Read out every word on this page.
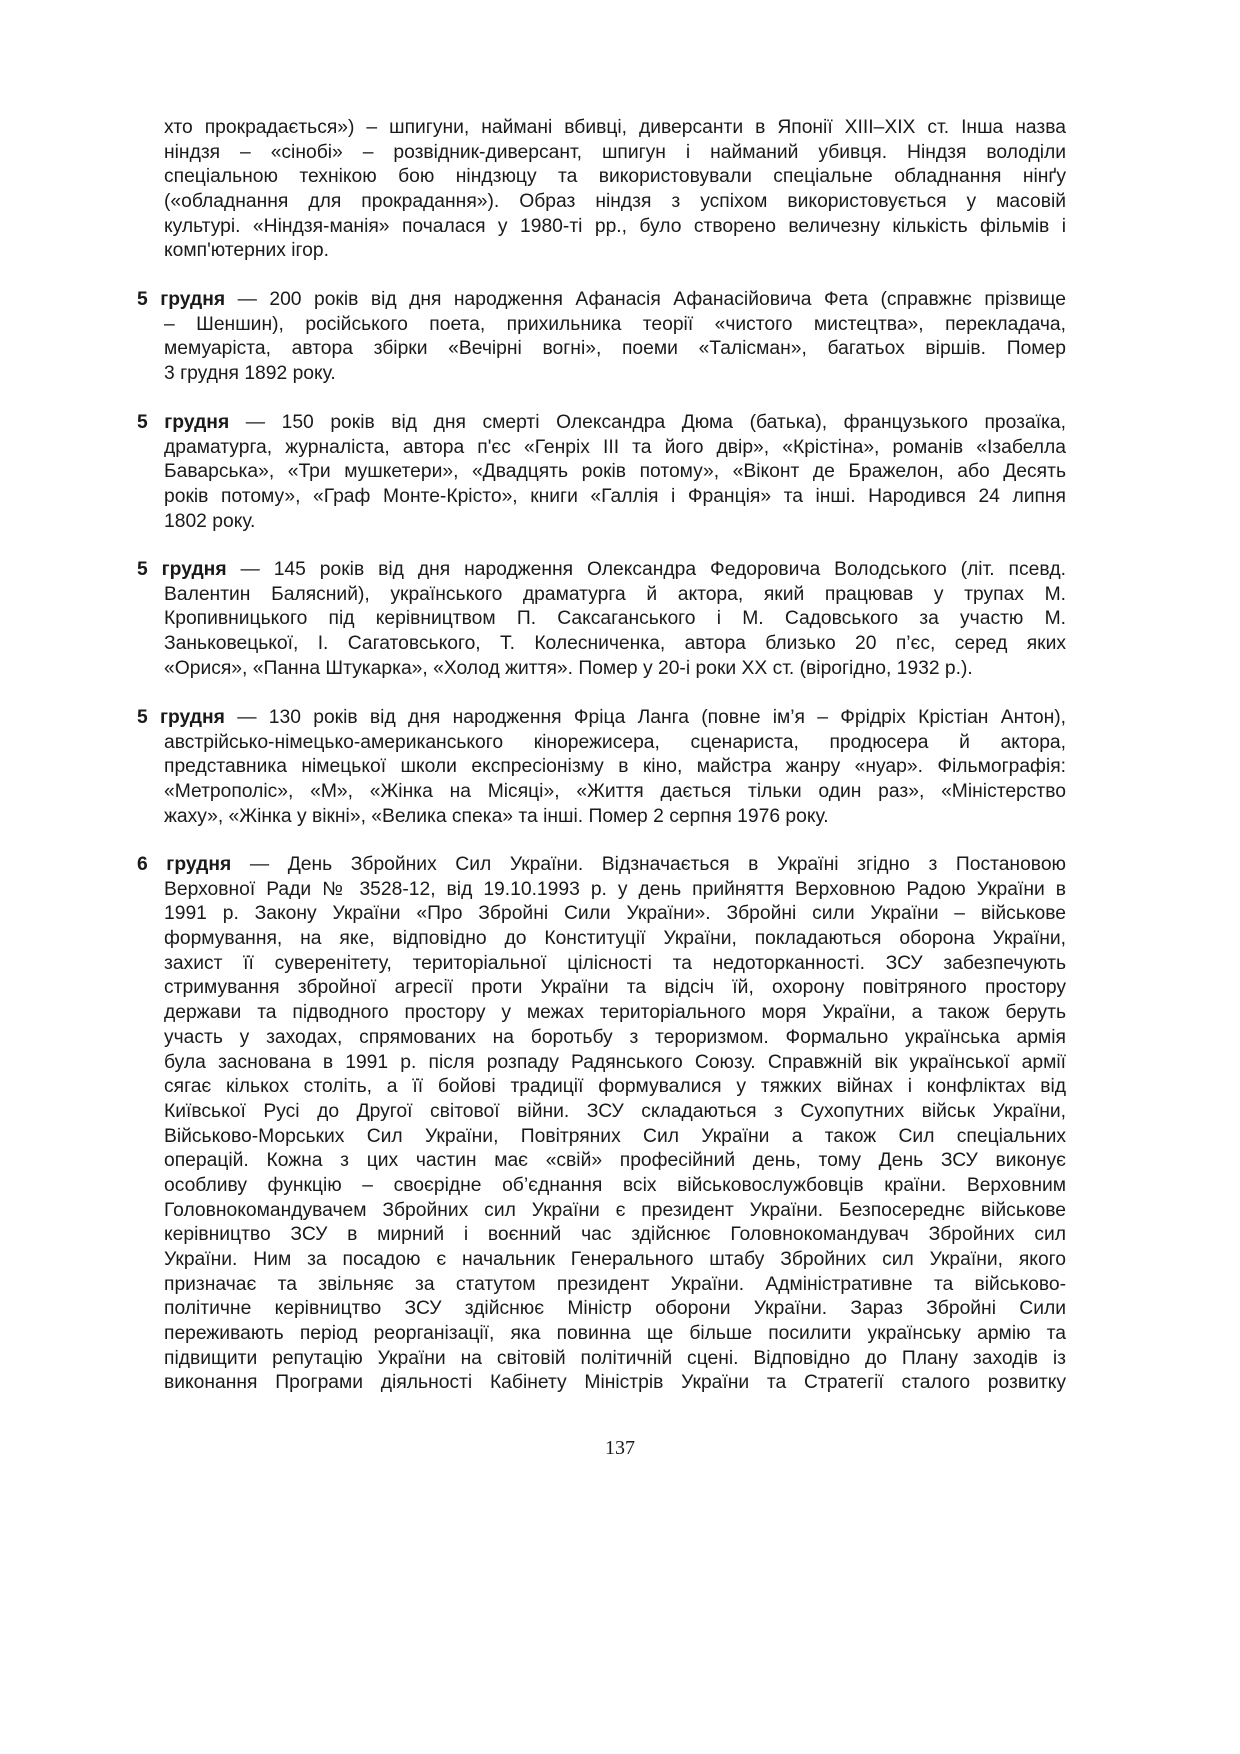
хто прокрадається») – шпигуни, наймані вбивці, диверсанти в Японії XIII–XIX ст. Інша назва
ніндзя – «сінобі» – розвідник-диверсант, шпигун і найманий убивця. Ніндзя володіли
спеціальною технікою бою ніндзюцу та використовували спеціальне обладнання нінґу
(«обладнання для прокрадання»). Образ ніндзя з успіхом використовується у масовій
культурі. «Ніндзя-манія» почалася у 1980-ті рр., було створено величезну кількість фільмів і
комп'ютерних ігор.
5 грудня — 200 років від дня народження Афанасія Афанасійовича Фета (справжнє прізвище
– Шеншин), російського поета, прихильника теорії «чистого мистецтва», перекладача,
мемуаріста, автора збірки «Вечірні вогні», поеми «Талісман», багатьох віршів. Помер
3 грудня 1892 року.
5 грудня — 150 років від дня смерті Олександра Дюма (батька), французького прозаїка,
драматурга, журналіста, автора п'єс «Генріх III та його двір», «Крістіна», романів «Ізабелла
Баварська», «Три мушкетери», «Двадцять років потому», «Віконт де Бражелон, або Десять
років потому», «Граф Монте-Крісто», книги «Галлія і Франція» та інші. Народився 24 липня
1802 року.
5 грудня — 145 років від дня народження Олександра Федоровича Володського (літ. псевд.
Валентин Балясний), українського драматурга й актора, який працював у трупах М.
Кропивницького під керівництвом П. Саксаганського і М. Садовського за участю М.
Заньковецької, І. Сагатовського, Т. Колесниченка, автора близько 20 п’єс, серед яких
«Орися», «Панна Штукарка», «Холод життя». Помер у 20-і роки ХХ ст. (вірогідно, 1932 р.).
5 грудня — 130 років від дня народження Фріца Ланга (повне ім’я – Фрідріх Крістіан Антон),
австрійсько-німецько-американського кінорежисера, сценариста, продюсера й актора,
представника німецької школи експресіонізму в кіно, майстра жанру «нуар». Фільмографія:
«Метрополіс», «М», «Жінка на Місяці», «Життя дається тільки один раз», «Міністерство
жаху», «Жінка у вікні», «Велика спека» та інші. Помер 2 серпня 1976 року.
6 грудня — День Збройних Сил України. Відзначається в Україні згідно з Постановою
Верховної Ради № 3528-12, від 19.10.1993 р. у день прийняття Верховною Радою України в
1991 р. Закону України «Про Збройні Сили України». Збройні сили України – військове
формування, на яке, відповідно до Конституції України, покладаються оборона України,
захист її суверенітету, територіальної цілісності та недоторканності. ЗСУ забезпечують
стримування збройної агресії проти України та відсіч їй, охорону повітряного простору
держави та підводного простору у межах територіального моря України, а також беруть
участь у заходах, спрямованих на боротьбу з тероризмом. Формально українська армія
була заснована в 1991 р. після розпаду Радянського Союзу. Справжній вік української армії
сягає кількох століть, а її бойові традиції формувалися у тяжких війнах і конфліктах від
Київської Русі до Другої світової війни. ЗСУ складаються з Сухопутних військ України,
Військово-Морських Сил України, Повітряних Сил України а також Сил спеціальних
операцій. Кожна з цих частин має «свій» професійний день, тому День ЗСУ виконує
особливу функцію – своєрідне об’єднання всіх військовослужбовців країни. Верховним
Головнокомандувачем Збройних сил України є президент України. Безпосереднє військове
керівництво ЗСУ в мирний і воєнний час здійснює Головнокомандувач Збройних сил
України. Ним за посадою є начальник Генерального штабу Збройних сил України, якого
призначає та звільняє за статутом президент України. Адміністративне та військово-
політичне керівництво ЗСУ здійснює Міністр оборони України. Зараз Збройні Сили
переживають період реорганізації, яка повинна ще більше посилити українську армію та
підвищити репутацію України на світовій політичній сцені. Відповідно до Плану заходів із
виконання Програми діяльності Кабінету Міністрів України та Стратегії сталого розвитку
137
